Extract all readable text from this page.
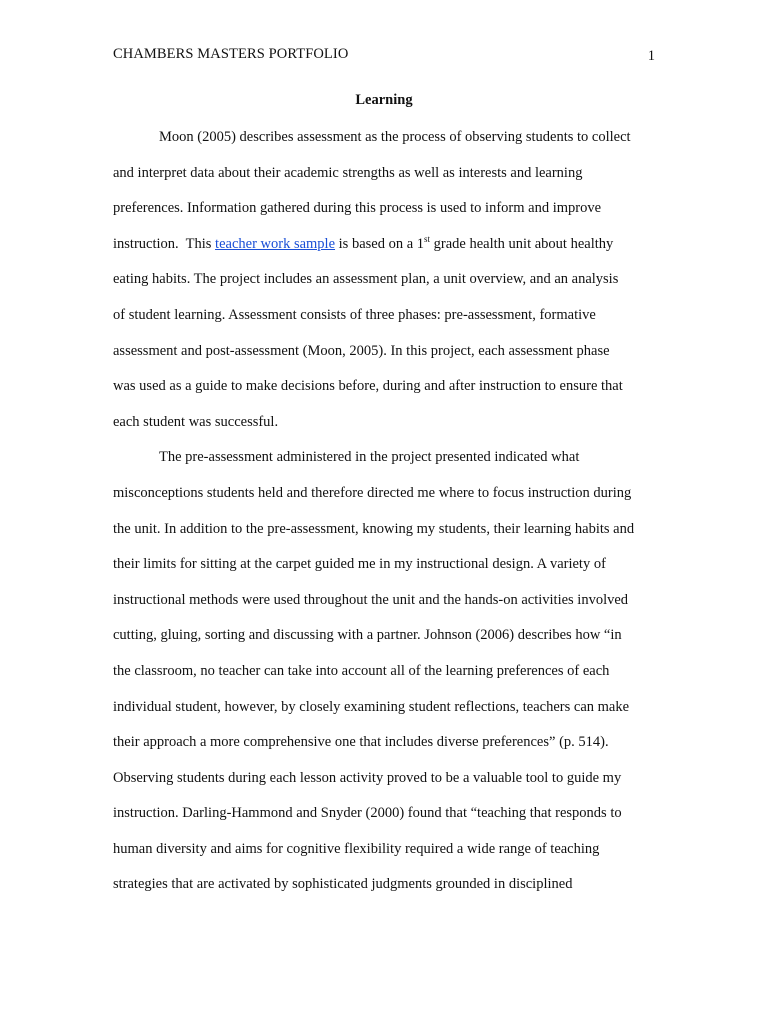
CHAMBERS MASTERS PORTFOLIO	1
Learning
Moon (2005) describes assessment as the process of observing students to collect
and interpret data about their academic strengths as well as interests and learning
preferences. Information gathered during this process is used to inform and improve
instruction.  This teacher work sample is based on a 1st grade health unit about healthy
eating habits. The project includes an assessment plan, a unit overview, and an analysis
of student learning. Assessment consists of three phases: pre-assessment, formative
assessment and post-assessment (Moon, 2005). In this project, each assessment phase
was used as a guide to make decisions before, during and after instruction to ensure that
each student was successful.
The pre-assessment administered in the project presented indicated what
misconceptions students held and therefore directed me where to focus instruction during
the unit. In addition to the pre-assessment, knowing my students, their learning habits and
their limits for sitting at the carpet guided me in my instructional design. A variety of
instructional methods were used throughout the unit and the hands-on activities involved
cutting, gluing, sorting and discussing with a partner. Johnson (2006) describes how “in
the classroom, no teacher can take into account all of the learning preferences of each
individual student, however, by closely examining student reflections, teachers can make
their approach a more comprehensive one that includes diverse preferences” (p. 514).
Observing students during each lesson activity proved to be a valuable tool to guide my
instruction. Darling-Hammond and Snyder (2000) found that “teaching that responds to
human diversity and aims for cognitive flexibility required a wide range of teaching
strategies that are activated by sophisticated judgments grounded in disciplined
